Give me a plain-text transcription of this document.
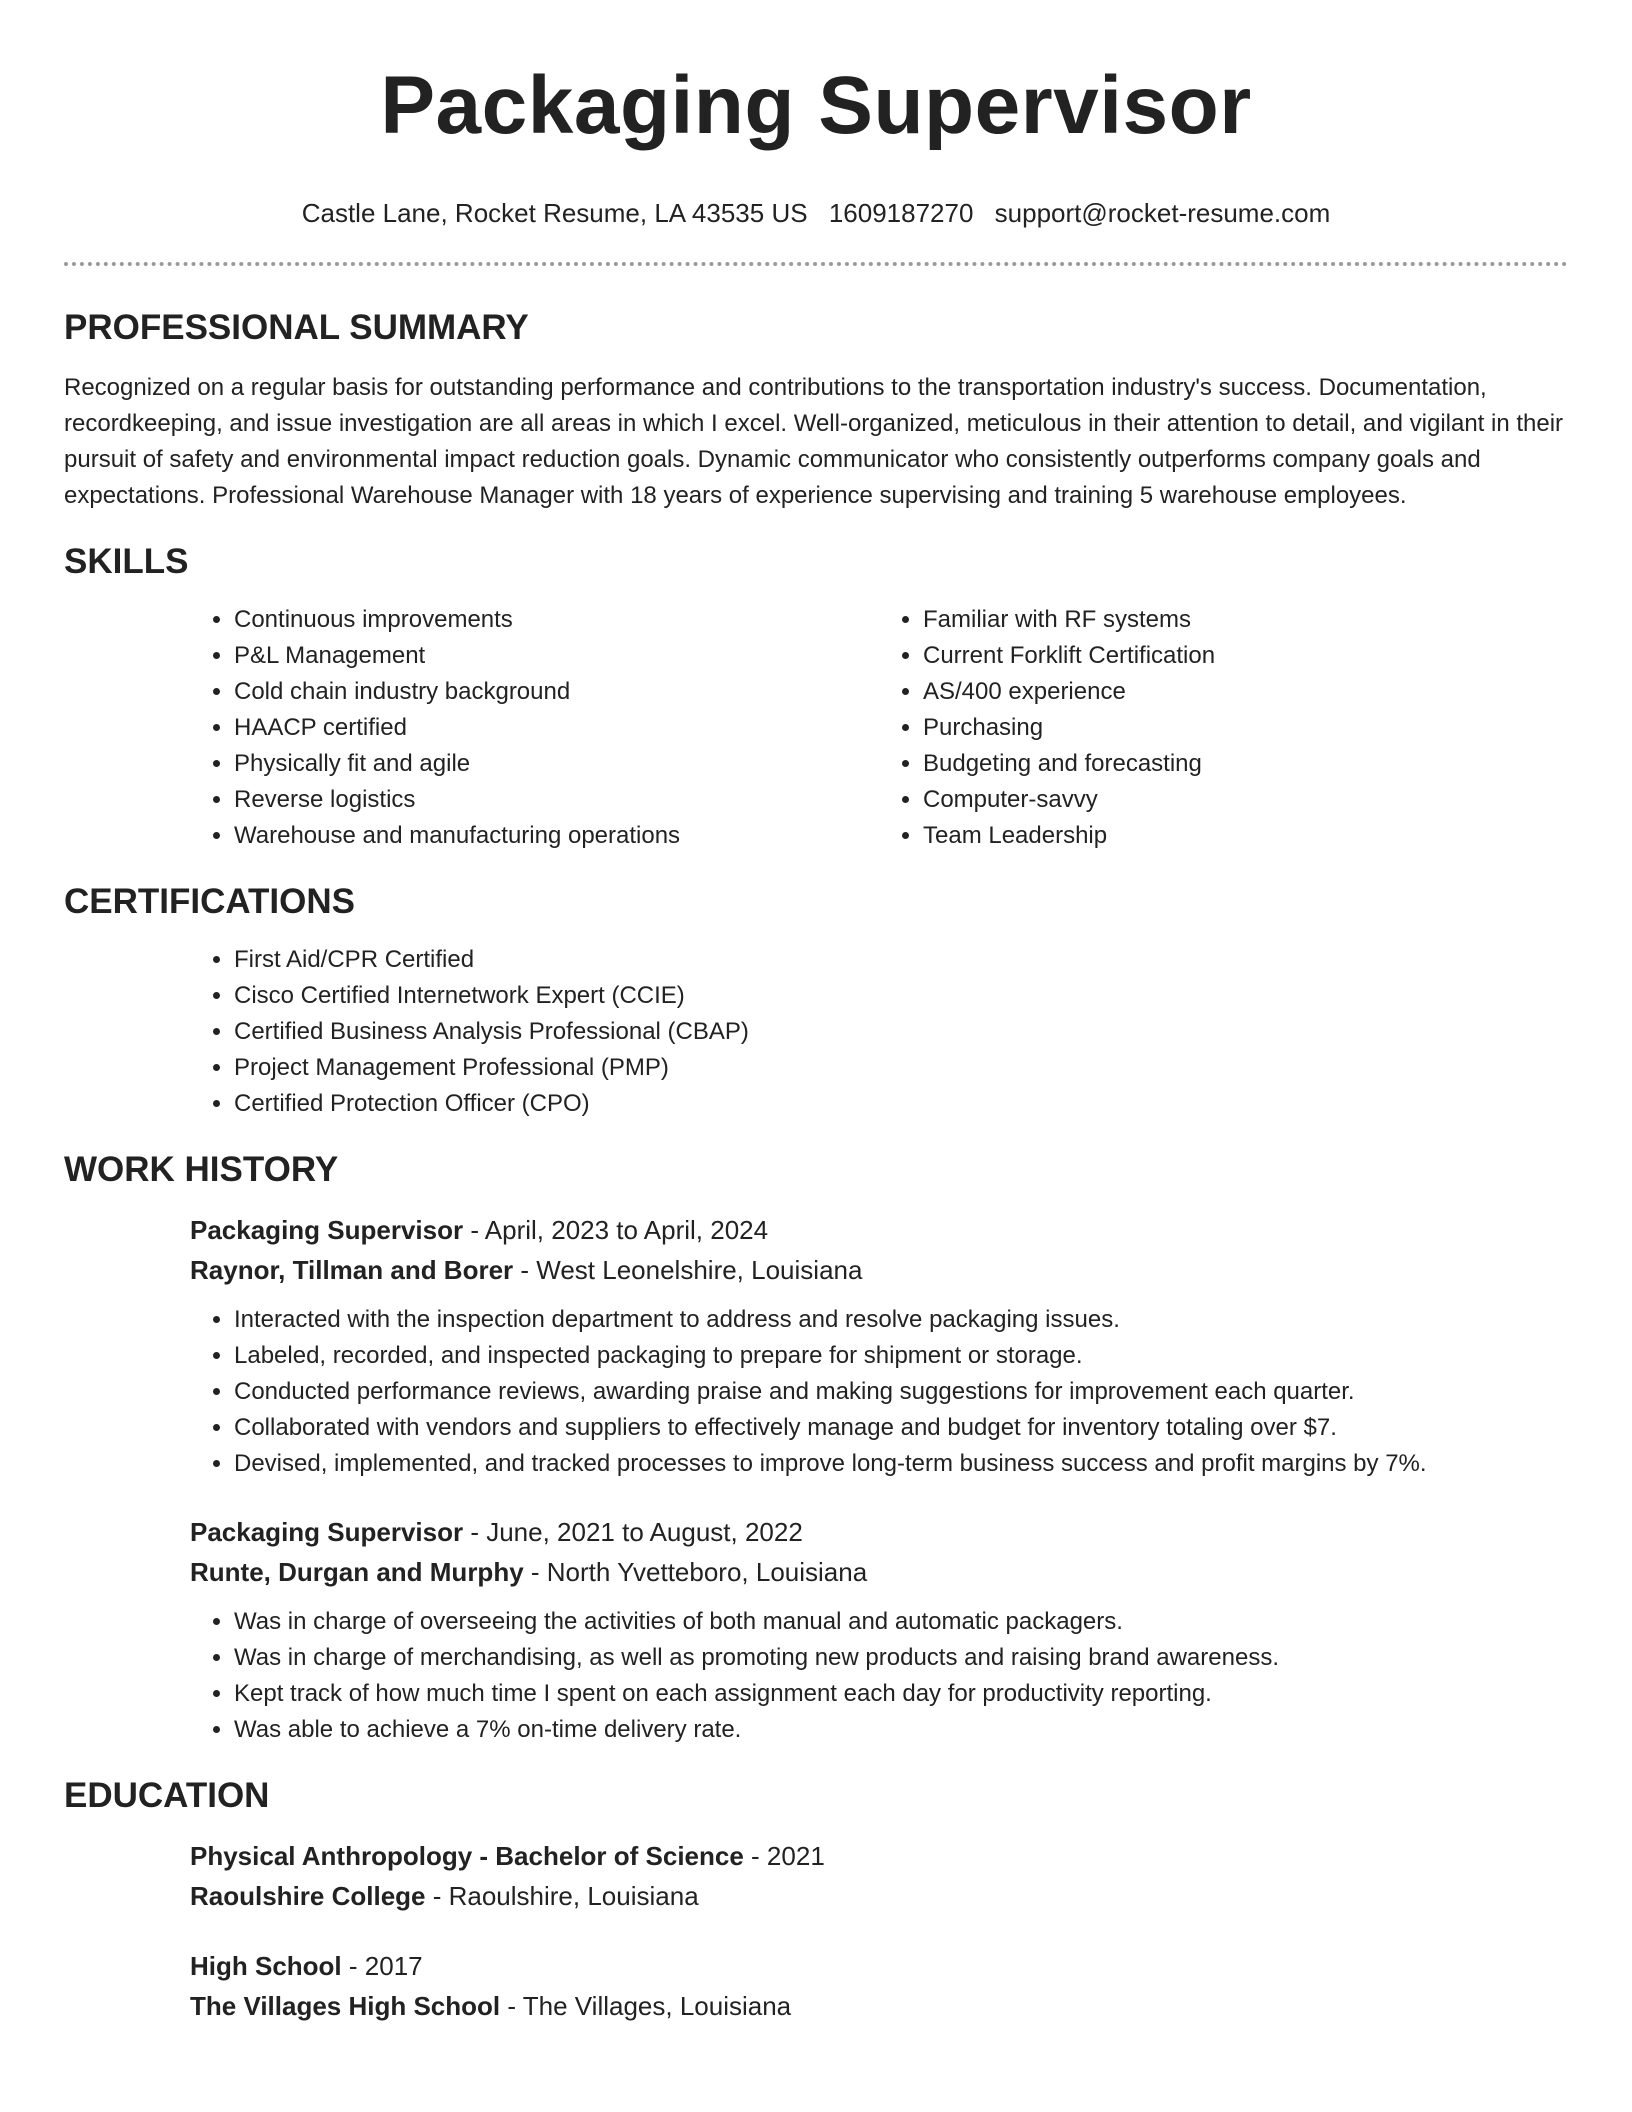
Packaging Supervisor
Castle Lane, Rocket Resume, LA 43535 US 1609187270 support@rocket-resume.com
PROFESSIONAL SUMMARY

Recognized on a regular basis for outstanding performance and contributions to the transportation industry's success. Documentation, recordkeeping, and issue investigation are all areas in which I excel. Well-organized, meticulous in their attention to detail, and vigilant in their pursuit of safety and environmental impact reduction goals. Dynamic communicator who consistently outperforms company goals and expectations. Professional Warehouse Manager with 18 years of experience supervising and training 5 warehouse employees.

SKILLS
• Continuous improvements
• P&L Management
• Cold chain industry background
• HAACP certified
• Physically fit and agile
• Reverse logistics
• Warehouse and manufacturing operations
• Familiar with RF systems
• Current Forklift Certification
• AS/400 experience
• Purchasing
• Budgeting and forecasting
• Computer-savvy
• Team Leadership
CERTIFICATIONS
• First Aid/CPR Certified
• Cisco Certified Internetwork Expert (CCIE)
• Certified Business Analysis Professional (CBAP)
• Project Management Professional (PMP)
• Certified Protection Officer (CPO)
WORK HISTORY
Packaging Supervisor - April, 2023 to April, 2024
Raynor, Tillman and Borer - West Leonelshire, Louisiana
• Interacted with the inspection department to address and resolve packaging issues.
• Labeled, recorded, and inspected packaging to prepare for shipment or storage.
• Conducted performance reviews, awarding praise and making suggestions for improvement each quarter.
• Collaborated with vendors and suppliers to effectively manage and budget for inventory totaling over $7.
• Devised, implemented, and tracked processes to improve long-term business success and profit margins by 7%.
Packaging Supervisor - June, 2021 to August, 2022
Runte, Durgan and Murphy - North Yvetteboro, Louisiana
• Was in charge of overseeing the activities of both manual and automatic packagers.
• Was in charge of merchandising, as well as promoting new products and raising brand awareness.
• Kept track of how much time I spent on each assignment each day for productivity reporting.
• Was able to achieve a 7% on-time delivery rate.
EDUCATION
Physical Anthropology - Bachelor of Science - 2021
Raoulshire College - Raoulshire, Louisiana
High School - 2017
The Villages High School - The Villages, Louisiana
